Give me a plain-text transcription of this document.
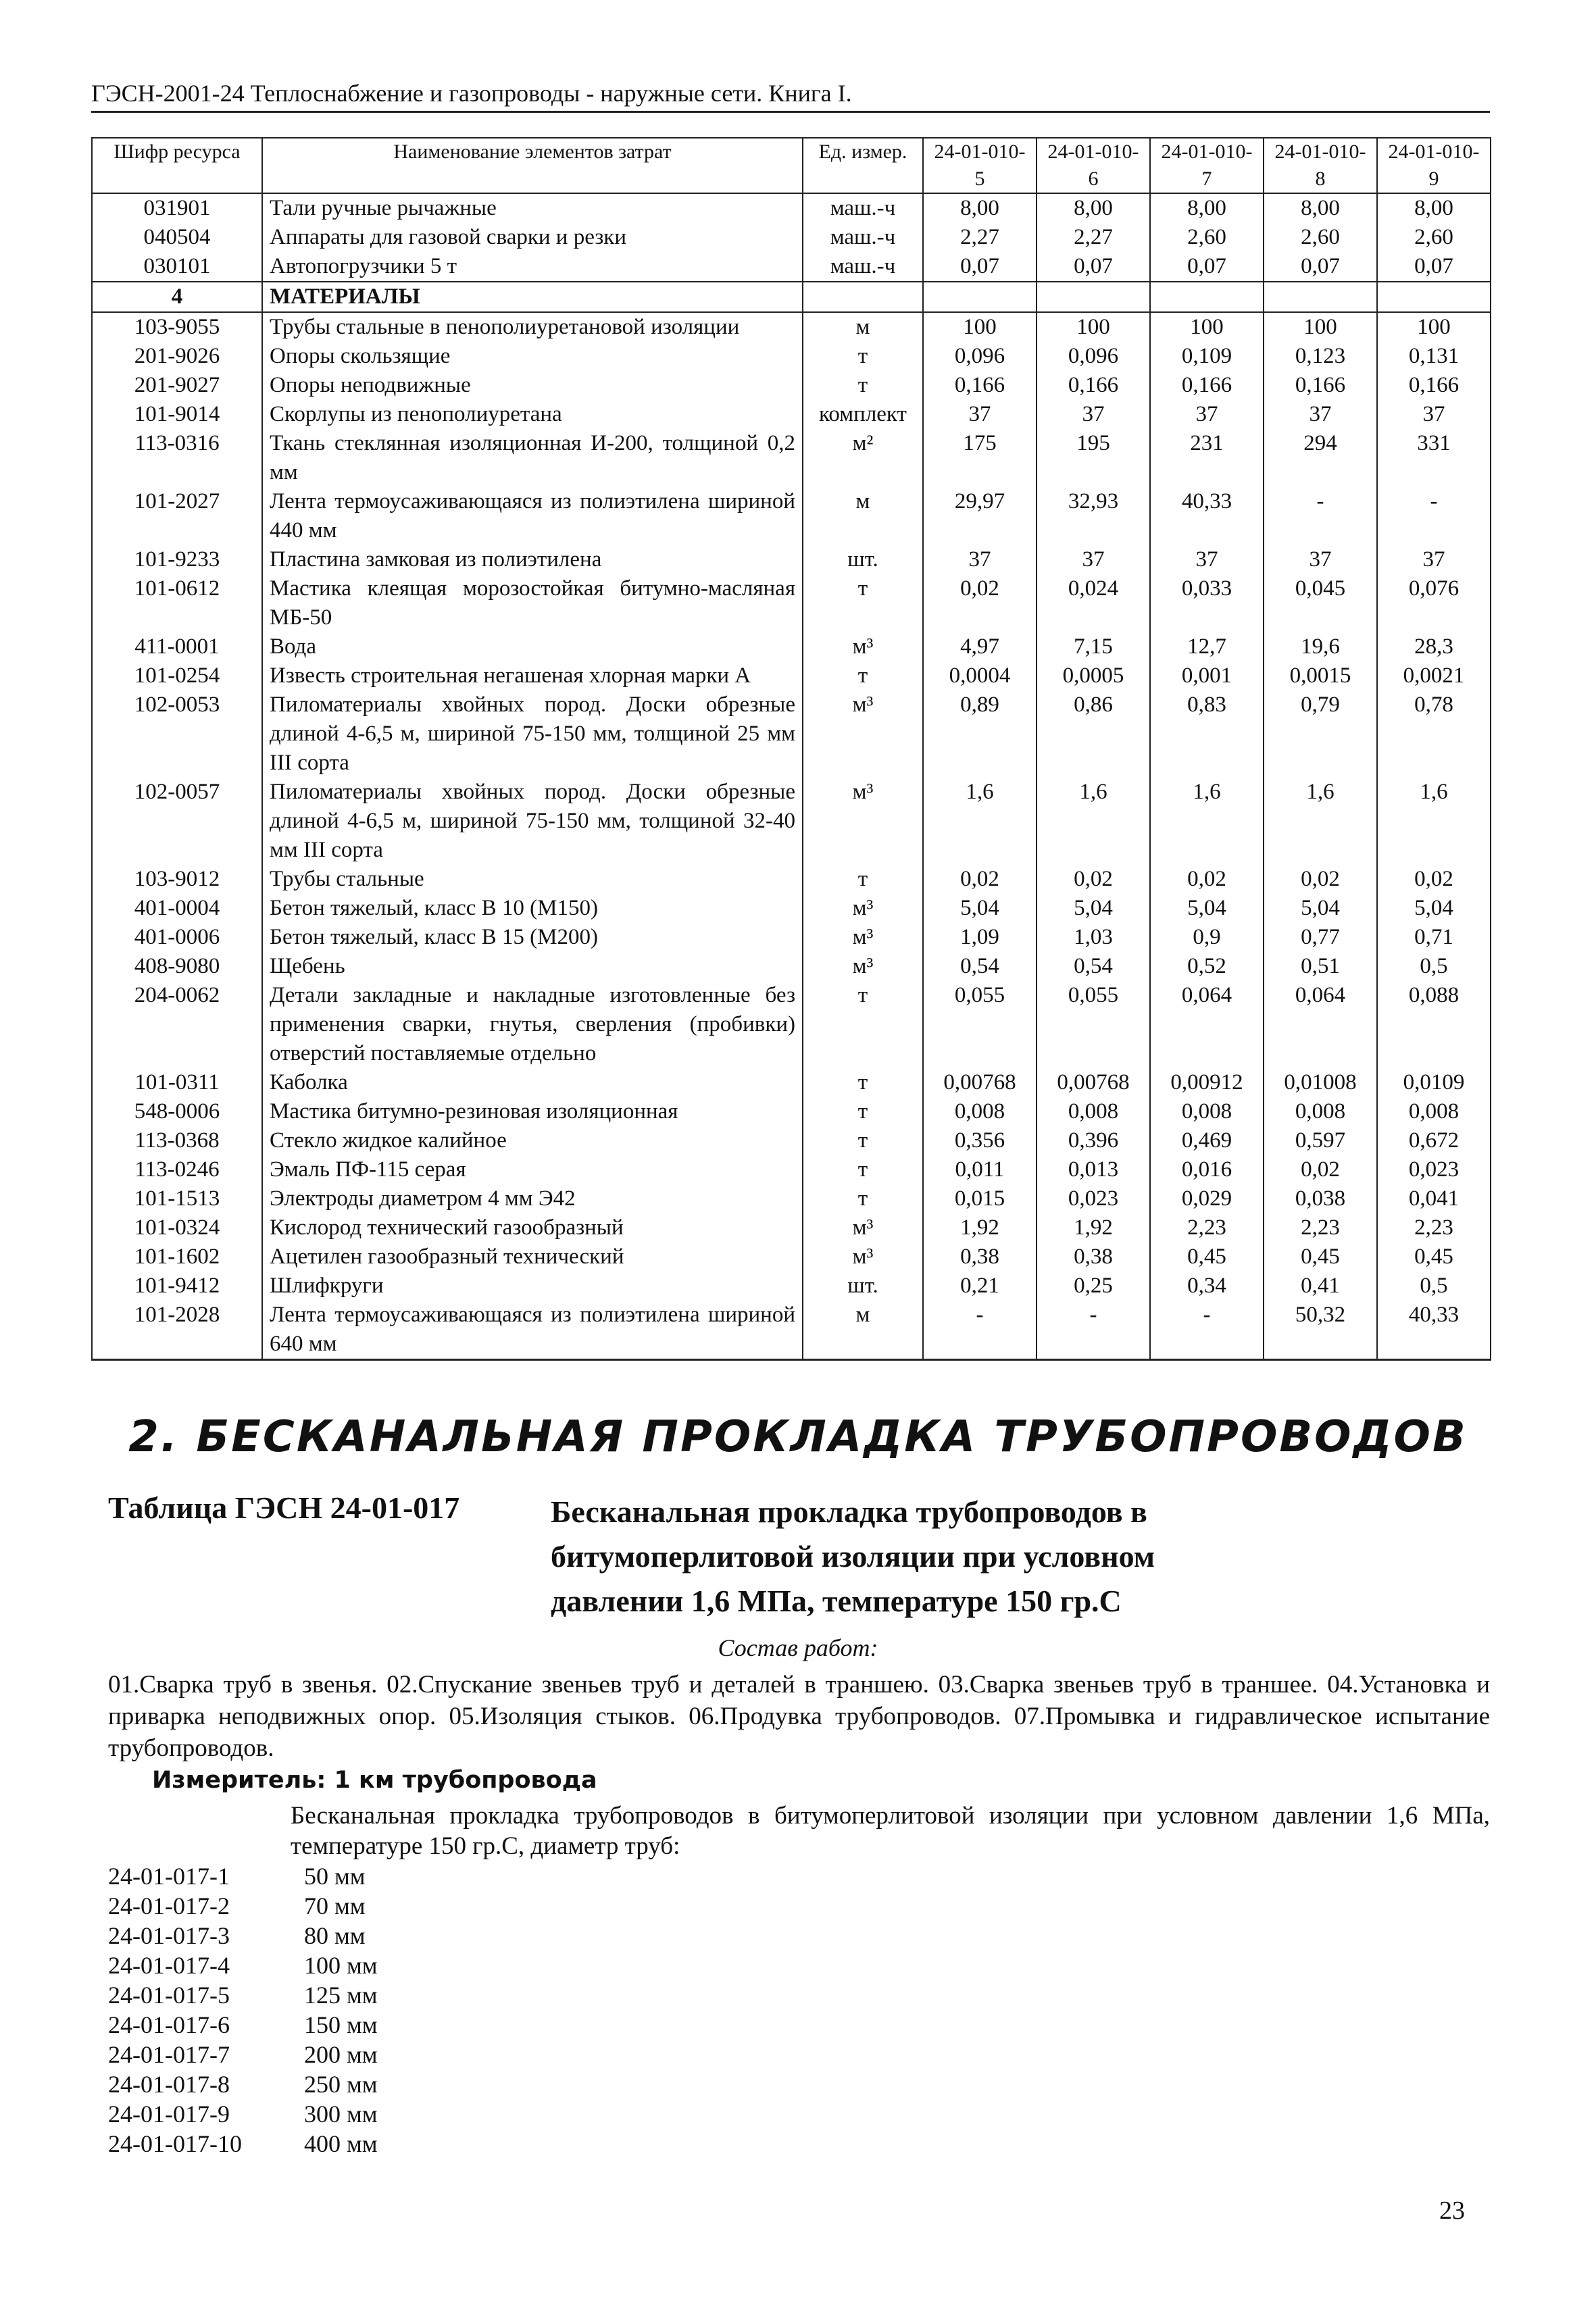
ГЭСН-2001-24 Теплоснабжение и газопроводы - наружные сети. Книга I.
Шифр ресурса	Наименование элементов затрат	Ед. измер.	24-01-010-5	24-01-010-6	24-01-010-7	24-01-010-8	24-01-010-9
031901	Тали ручные рычажные	маш.-ч	8,00	8,00	8,00	8,00	8,00
040504	Аппараты для газовой сварки и резки	маш.-ч	2,27	2,27	2,60	2,60	2,60
030101	Автопогрузчики 5 т	маш.-ч	0,07	0,07	0,07	0,07	0,07
4	МАТЕРИАЛЫ						
103-9055	Трубы стальные в пенополиуретановой изоляции	м	100	100	100	100	100
201-9026	Опоры скользящие	т	0,096	0,096	0,109	0,123	0,131
201-9027	Опоры неподвижные	т	0,166	0,166	0,166	0,166	0,166
101-9014	Скорлупы из пенополиуретана	комплект	37	37	37	37	37
113-0316	Ткань стеклянная изоляционная И-200, толщиной 0,2 мм	м²	175	195	231	294	331
101-2027	Лента термоусаживающаяся из полиэтилена шириной 440 мм	м	29,97	32,93	40,33	-	-
101-9233	Пластина замковая из полиэтилена	шт.	37	37	37	37	37
101-0612	Мастика клеящая морозостойкая битумно-масляная МБ-50	т	0,02	0,024	0,033	0,045	0,076
411-0001	Вода	м³	4,97	7,15	12,7	19,6	28,3
101-0254	Известь строительная негашеная хлорная марки А	т	0,0004	0,0005	0,001	0,0015	0,0021
102-0053	Пиломатериалы хвойных пород. Доски обрезные длиной 4-6,5 м, шириной 75-150 мм, толщиной 25 мм III сорта	м³	0,89	0,86	0,83	0,79	0,78
102-0057	Пиломатериалы хвойных пород. Доски обрезные длиной 4-6,5 м, шириной 75-150 мм, толщиной 32-40 мм III сорта	м³	1,6	1,6	1,6	1,6	1,6
103-9012	Трубы стальные	т	0,02	0,02	0,02	0,02	0,02
401-0004	Бетон тяжелый, класс В 10 (М150)	м³	5,04	5,04	5,04	5,04	5,04
401-0006	Бетон тяжелый, класс В 15 (М200)	м³	1,09	1,03	0,9	0,77	0,71
408-9080	Щебень	м³	0,54	0,54	0,52	0,51	0,5
204-0062	Детали закладные и накладные изготовленные без применения сварки, гнутья, сверления (пробивки) отверстий поставляемые отдельно	т	0,055	0,055	0,064	0,064	0,088
101-0311	Каболка	т	0,00768	0,00768	0,00912	0,01008	0,0109
548-0006	Мастика битумно-резиновая изоляционная	т	0,008	0,008	0,008	0,008	0,008
113-0368	Стекло жидкое калийное	т	0,356	0,396	0,469	0,597	0,672
113-0246	Эмаль ПФ-115 серая	т	0,011	0,013	0,016	0,02	0,023
101-1513	Электроды диаметром 4 мм Э42	т	0,015	0,023	0,029	0,038	0,041
101-0324	Кислород технический газообразный	м³	1,92	1,92	2,23	2,23	2,23
101-1602	Ацетилен газообразный технический	м³	0,38	0,38	0,45	0,45	0,45
101-9412	Шлифкруги	шт.	0,21	0,25	0,34	0,41	0,5
101-2028	Лента термоусаживающаяся из полиэтилена шириной 640 мм	м	-	-	-	50,32	40,33
2. БЕСКАНАЛЬНАЯ ПРОКЛАДКА ТРУБОПРОВОДОВ
Таблица ГЭСН 24-01-017	Бесканальная прокладка трубопроводов в битумоперлитовой изоляции при условном давлении 1,6 МПа, температуре 150 гр.С
Состав работ:
01.Сварка труб в звенья. 02.Спускание звеньев труб и деталей в траншею. 03.Сварка звеньев труб в траншее. 04.Установка и приварка неподвижных опор. 05.Изоляция стыков. 06.Продувка трубопроводов. 07.Промывка и гидравлическое испытание трубопроводов.
Измеритель: 1 км трубопровода
Бесканальная прокладка трубопроводов в битумоперлитовой изоляции при условном давлении 1,6 МПа, температуре 150 гр.С, диаметр труб:
24-01-017-1	50 мм
24-01-017-2	70 мм
24-01-017-3	80 мм
24-01-017-4	100 мм
24-01-017-5	125 мм
24-01-017-6	150 мм
24-01-017-7	200 мм
24-01-017-8	250 мм
24-01-017-9	300 мм
24-01-017-10	400 мм
23
